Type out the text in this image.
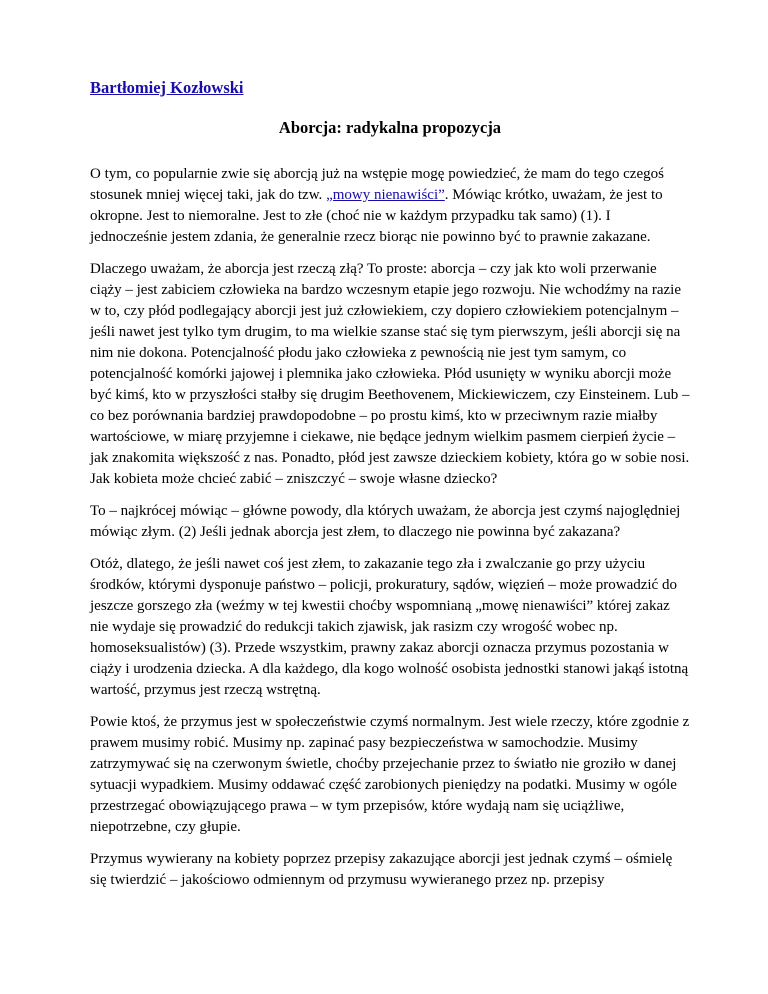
Bartłomiej Kozłowski
Aborcja: radykalna propozycja

O tym, co popularnie zwie się aborcją już na wstępie mogę powiedzieć, że mam do tego czegoś stosunek mniej więcej taki, jak do tzw. „mowy nienawiści”. Mówiąc krótko, uważam, że jest to okropne. Jest to niemoralne. Jest to złe (choć nie w każdym przypadku tak samo) (1). I jednocześnie jestem zdania, że generalnie rzecz biorąc nie powinno być to prawnie zakazane.

Dlaczego uważam, że aborcja jest rzeczą złą? To proste: aborcja – czy jak kto woli przerwanie ciąży – jest zabiciem człowieka na bardzo wczesnym etapie jego rozwoju. Nie wchodźmy na razie w to, czy płód podlegający aborcji jest już człowiekiem, czy dopiero człowiekiem potencjalnym – jeśli nawet jest tylko tym drugim, to ma wielkie szanse stać się tym pierwszym, jeśli aborcji się na nim nie dokona. Potencjalność płodu jako człowieka z pewnością nie jest tym samym, co potencjalność komórki jajowej i plemnika jako człowieka. Płód usunięty w wyniku aborcji może być kimś, kto w przyszłości stałby się drugim Beethovenem, Mickiewiczem, czy Einsteinem. Lub – co bez porównania bardziej prawdopodobne – po prostu kimś, kto w przeciwnym razie miałby wartościowe, w miarę przyjemne i ciekawe, nie będące jednym wielkim pasmem cierpień życie – jak znakomita większość z nas. Ponadto, płód jest zawsze dzieckiem kobiety, która go w sobie nosi. Jak kobieta może chcieć zabić – zniszczyć – swoje własne dziecko?

To – najkrócej mówiąc – główne powody, dla których uważam, że aborcja jest czymś najoględniej mówiąc złym. (2) Jeśli jednak aborcja jest złem, to dlaczego nie powinna być zakazana?

Otóż, dlatego, że jeśli nawet coś jest złem, to zakazanie tego zła i zwalczanie go przy użyciu środków, którymi dysponuje państwo – policji, prokuratury, sądów, więzień – może prowadzić do jeszcze gorszego zła (weźmy w tej kwestii choćby wspomnianą „mowę nienawiści” której zakaz nie wydaje się prowadzić do redukcji takich zjawisk, jak rasizm czy wrogość wobec np. homoseksualistów) (3). Przede wszystkim, prawny zakaz aborcji oznacza przymus pozostania w ciąży i urodzenia dziecka. A dla każdego, dla kogo wolność osobista jednostki stanowi jakąś istotną wartość, przymus jest rzeczą wstrętną.

Powie ktoś, że przymus jest w społeczeństwie czymś normalnym. Jest wiele rzeczy, które zgodnie z prawem musimy robić. Musimy np. zapinać pasy bezpieczeństwa w samochodzie. Musimy zatrzymywać się na czerwonym świetle, choćby przejechanie przez to światło nie groziło w danej sytuacji wypadkiem. Musimy oddawać część zarobionych pieniędzy na podatki. Musimy w ogóle przestrzegać obowiązującego prawa – w tym przepisów, które wydają nam się uciążliwe, niepotrzebne, czy głupie.

Przymus wywierany na kobiety poprzez przepisy zakazujące aborcji jest jednak czymś – ośmielę się twierdzić – jakościowo odmiennym od przymusu wywieranego przez np. przepisy
